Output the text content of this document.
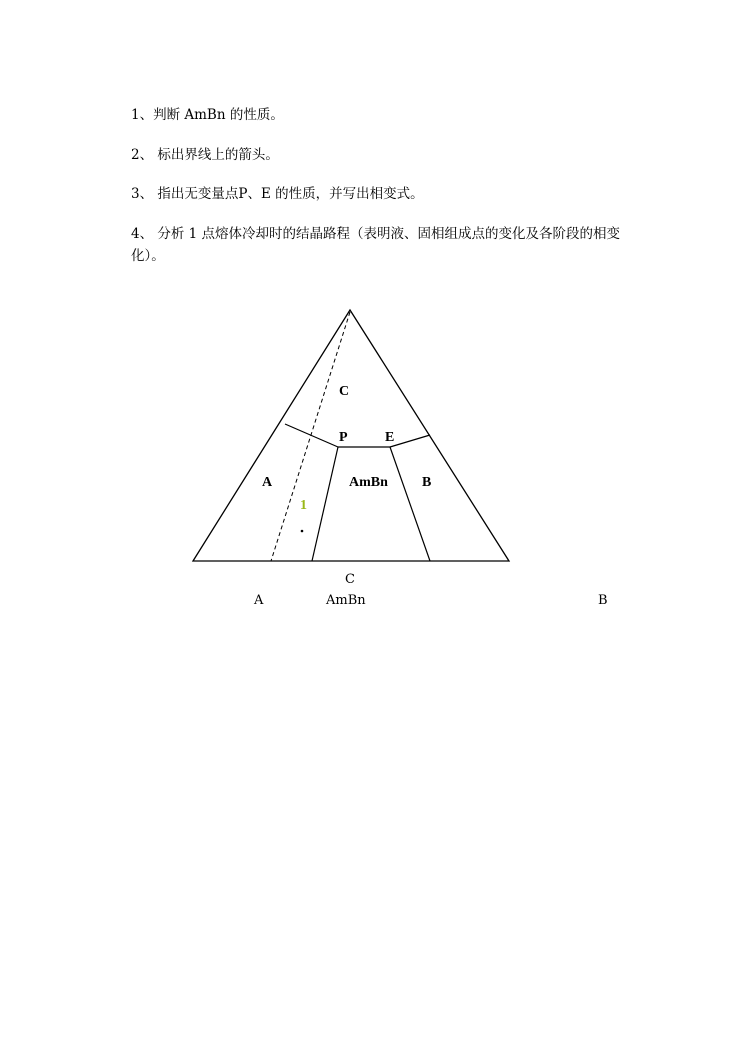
1、判断 AmBn 的性质。

2、 标出界线上的箭头。

3、 指出无变量点P、E 的性质，并写出相变式。

4、 分析 1 点熔体冷却时的结晶路程（表明液、固相组成点的变化及各阶段的相变化）。

C
A	AmBn B
P	E
1
C
A	AmBn	B
